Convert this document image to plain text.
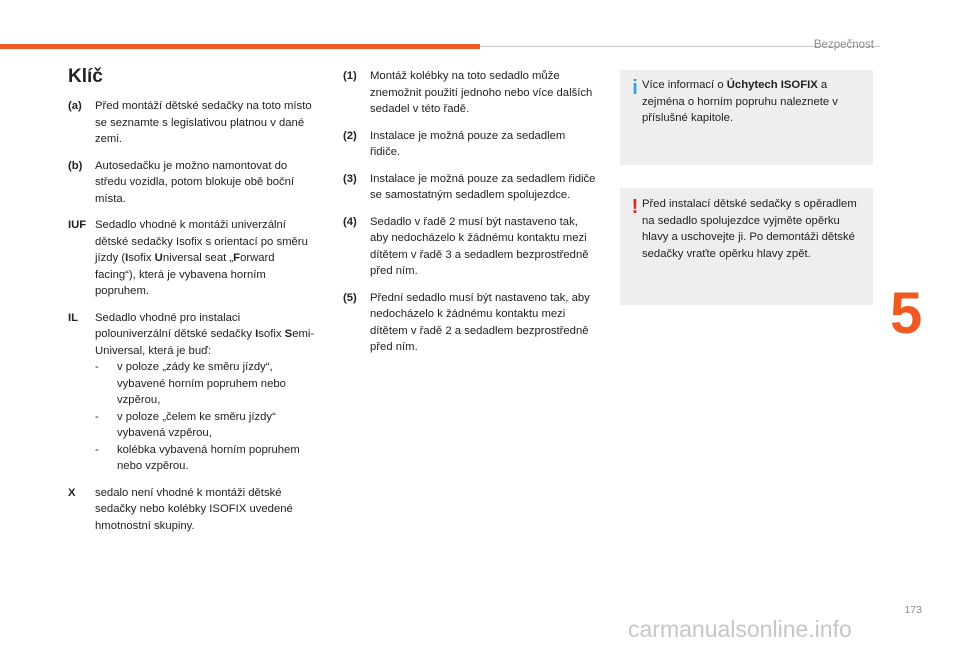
Bezpečnost
5
173
carmanualsonline.info
Klíč
(a)	Před montáží dětské sedačky na toto místo se seznamte s legislativou platnou v dané zemi.
(b)	Autosedačku je možno namontovat do středu vozidla, potom blokuje obě boční místa.
IUF Sedadlo vhodné k montáži univerzální dětské sedačky Isofix s orientací po směru jízdy (Isofix Universal seat „Forward facing“), která je vybavena horním popruhem.
IL	Sedadlo vhodné pro instalaci polouniverzální dětské sedačky Isofix Semi-Universal, která je buď:
-	v poloze „zády ke směru jízdy“, vybavené horním popruhem nebo vzpěrou,
-	v poloze „čelem ke směru jízdy“ vybavená vzpěrou,
-	kolébka vybavená horním popruhem nebo vzpěrou.
X	sedalo není vhodné k montáži dětské sedačky nebo kolébky ISOFIX uvedené hmotnostní skupiny.
(1)	Montáž kolébky na toto sedadlo může znemožnit použití jednoho nebo více dalších sedadel v této řadě.
(2)	Instalace je možná pouze za sedadlem řidiče.
(3)	Instalace je možná pouze za sedadlem řidiče se samostatným sedadlem spolujezdce.
(4)	Sedadlo v řadě 2 musí být nastaveno tak, aby nedocházelo k žádnému kontaktu mezi dítětem v řadě 3 a sedadlem bezprostředně před ním.
(5)	Přední sedadlo musí být nastaveno tak, aby nedocházelo k žádnému kontaktu mezi dítětem v řadě 2 a sedadlem bezprostředně před ním.
i Více informací o Úchytech ISOFIX a zejména o horním popruhu naleznete v příslušné kapitole.
! Před instalací dětské sedačky s opěradlem na sedadlo spolujezdce vyjměte opěrku hlavy a uschovejte ji. Po demontáži dětské sedačky vraťte opěrku hlavy zpět.
